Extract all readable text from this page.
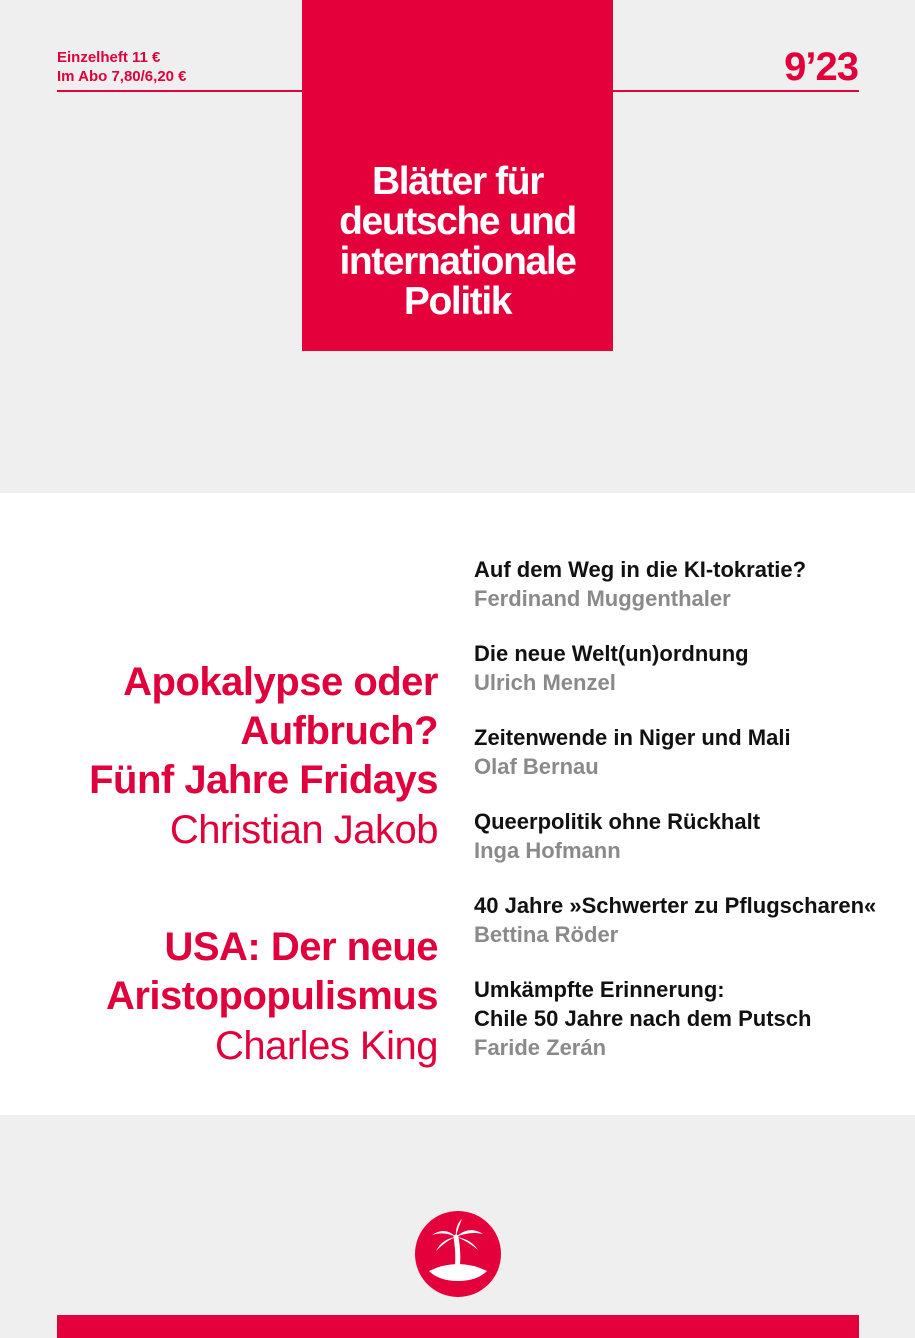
Einzelheft 11 €
Im Abo 7,80/6,20 €	9’23
Blätter für
deutsche und
internationale
Politik
Apokalypse oder
Aufbruch?
Fünf Jahre Fridays
Christian Jakob
USA: Der neue
Aristopopulismus
Charles King
Auf dem Weg in die KI-tokratie?
Ferdinand Muggenthaler
Die neue Welt(un)ordnung
Ulrich Menzel
Zeitenwende in Niger und Mali
Olaf Bernau
Queerpolitik ohne Rückhalt
Inga Hofmann
40 Jahre »Schwerter zu Pflugscharen«
Bettina Röder
Umkämpfte Erinnerung:
Chile 50 Jahre nach dem Putsch
Faride Zerán
